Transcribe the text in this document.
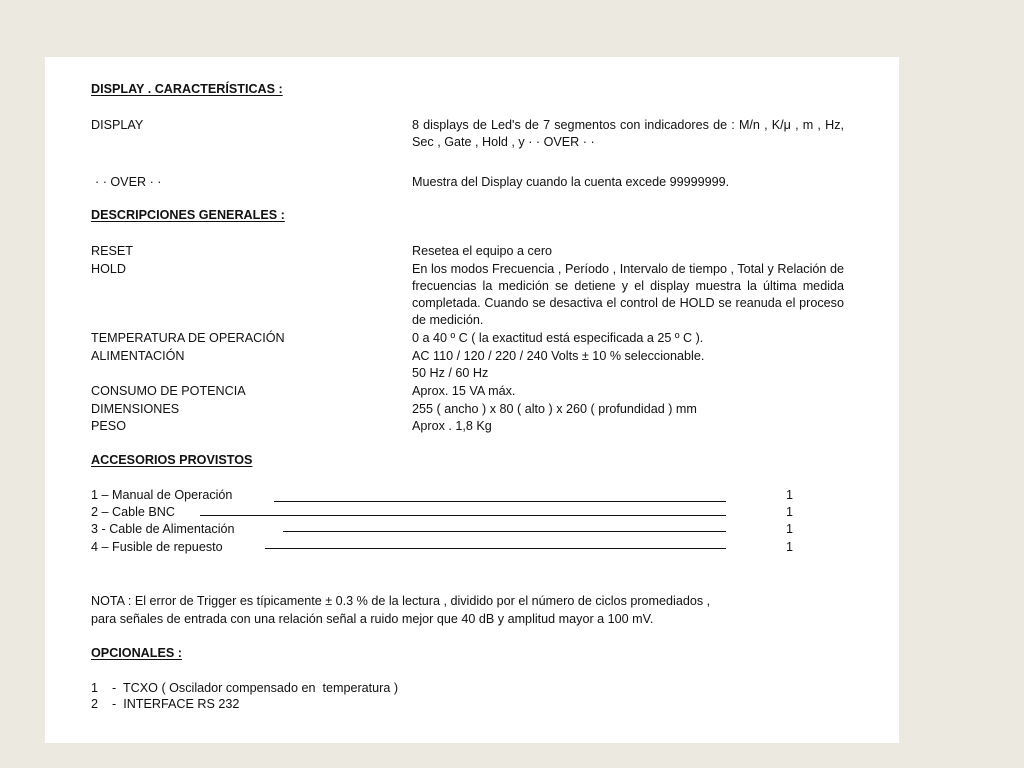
DISPLAY . CARACTERÍSTICAS :
DISPLAY	8 displays de Led's de 7 segmentos con indicadores de : M/n , K/μ , m , Hz, Sec , Gate , Hold , y · · OVER · ·
· · OVER · ·	Muestra del Display cuando la cuenta excede 99999999.
DESCRIPCIONES GENERALES :
RESET	Resetea el equipo a cero
HOLD	En los modos Frecuencia , Período , Intervalo de tiempo , Total y Relación de frecuencias la medición se detiene y el display muestra la última medida completada. Cuando se desactiva el control de HOLD se reanuda el proceso de medición.
TEMPERATURA DE OPERACIÓN	0 a 40 º C ( la exactitud está especificada a 25 º C ).
ALIMENTACIÓN	AC 110 / 120 / 220 / 240 Volts ± 10 % seleccionable.
50 Hz / 60 Hz
CONSUMO DE POTENCIA	Aprox. 15 VA máx.
DIMENSIONES	255 ( ancho ) x 80 ( alto ) x 260 ( profundidad ) mm
PESO	Aprox . 1,8 Kg
ACCESORIOS PROVISTOS
1 – Manual de Operación	1
2 – Cable BNC	1
3 - Cable de Alimentación	1
4 – Fusible de repuesto	1
NOTA : El error de Trigger es típicamente ± 0.3 % de la lectura , dividido por el número de ciclos promediados ,
para señales de entrada con una relación señal a ruido mejor que 40 dB y amplitud mayor a 100 mV.
OPCIONALES :
1    -  TCXO ( Oscilador compensado en  temperatura )
2    -  INTERFACE RS 232
